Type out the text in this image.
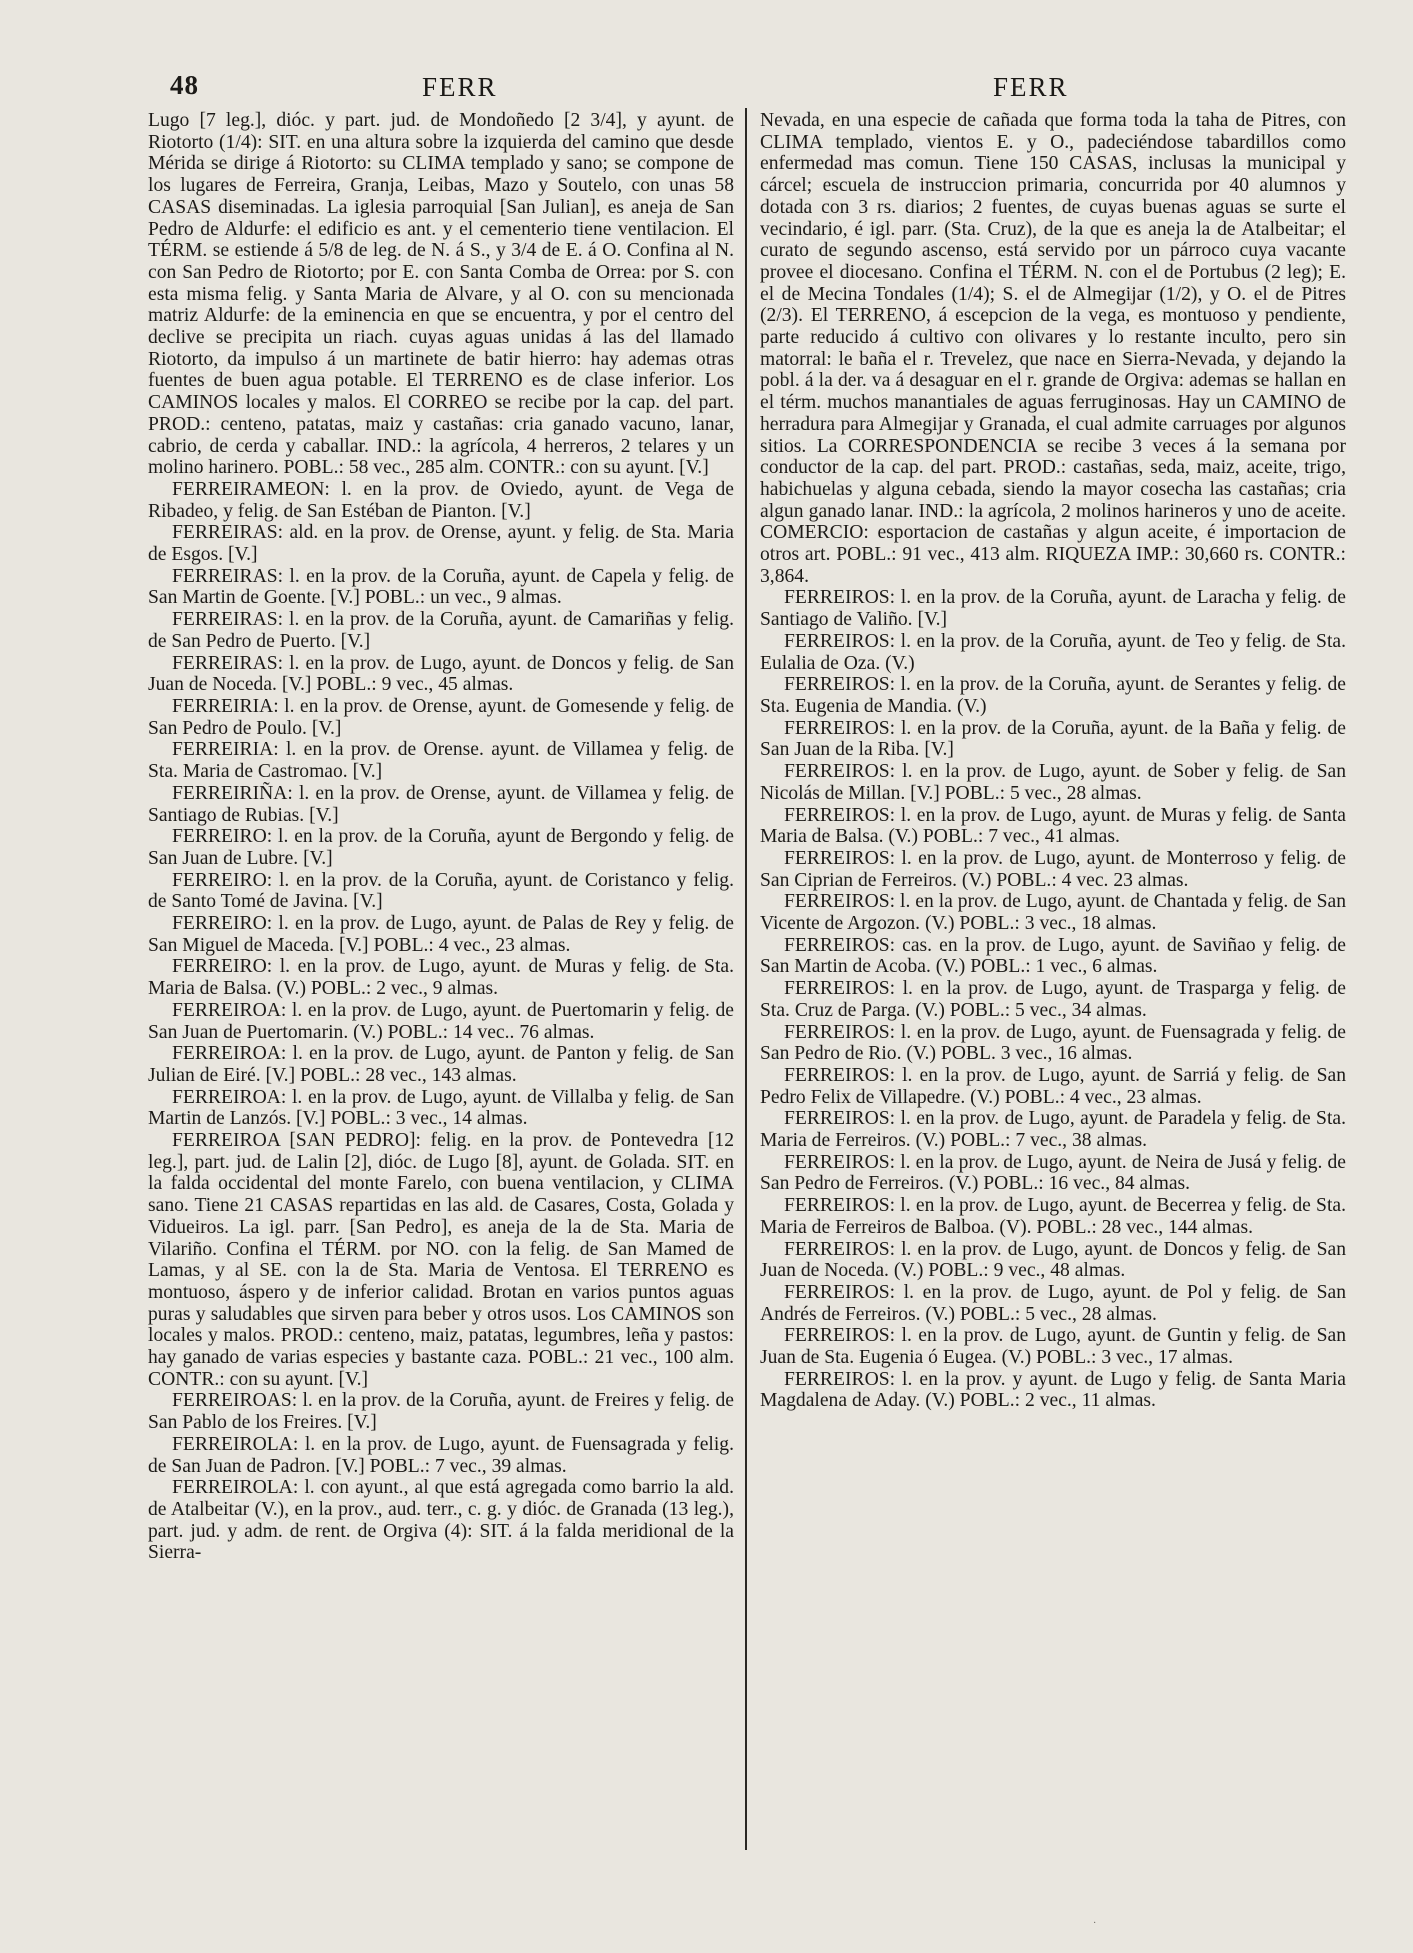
48	FERR	FERR

Lugo [7 leg.], dióc. y part. jud. de Mondoñedo [2 3/4], y ayunt. de Riotorto (1/4): SIT. en una altura sobre la izquierda del camino que desde Mérida se dirige á Riotorto: su CLIMA templado y sano; se compone de los lugares de Ferreira, Granja, Leibas, Mazo y Soutelo, con unas 58 CASAS diseminadas. La iglesia parroquial [San Julian], es aneja de San Pedro de Aldurfe: el edificio es ant. y el cementerio tiene ventilacion. El TÉRM. se estiende á 5/8 de leg. de N. á S., y 3/4 de E. á O. Confina al N. con San Pedro de Riotorto; por E. con Santa Comba de Orrea: por S. con esta misma felig. y Santa Maria de Alvare, y al O. con su mencionada matriz Aldurfe: de la eminencia en que se encuentra, y por el centro del declive se precipita un riach. cuyas aguas unidas á las del llamado Riotorto, da impulso á un martinete de batir hierro: hay ademas otras fuentes de buen agua potable. El TERRENO es de clase inferior. Los CAMINOS locales y malos. El CORREO se recibe por la cap. del part. PROD.: centeno, patatas, maiz y castañas: cria ganado vacuno, lanar, cabrio, de cerda y caballar. IND.: la agrícola, 4 herreros, 2 telares y un molino harinero. POBL.: 58 vec., 285 alm. CONTR.: con su ayunt. [V.]

FERREIRAMEON: l. en la prov. de Oviedo, ayunt. de Vega de Ribadeo, y felig. de San Estéban de Pianton. [V.]

FERREIRAS: ald. en la prov. de Orense, ayunt. y felig. de Sta. Maria de Esgos. [V.]

FERREIRAS: l. en la prov. de la Coruña, ayunt. de Capela y felig. de San Martin de Goente. [V.] POBL.: un vec., 9 almas.

FERREIRAS: l. en la prov. de la Coruña, ayunt. de Camariñas y felig. de San Pedro de Puerto. [V.]

FERREIRAS: l. en la prov. de Lugo, ayunt. de Doncos y felig. de San Juan de Noceda. [V.] POBL.: 9 vec., 45 almas.

FERREIRIA: l. en la prov. de Orense, ayunt. de Gomesende y felig. de San Pedro de Poulo. [V.]

FERREIRIA: l. en la prov. de Orense. ayunt. de Villamea y felig. de Sta. Maria de Castromao. [V.]

FERREIRIÑA: l. en la prov. de Orense, ayunt. de Villamea y felig. de Santiago de Rubias. [V.]

FERREIRO: l. en la prov. de la Coruña, ayunt de Bergondo y felig. de San Juan de Lubre. [V.]

FERREIRO: l. en la prov. de la Coruña, ayunt. de Coristanco y felig. de Santo Tomé de Javina. [V.]

FERREIRO: l. en la prov. de Lugo, ayunt. de Palas de Rey y felig. de San Miguel de Maceda. [V.] POBL.: 4 vec., 23 almas.

FERREIRO: l. en la prov. de Lugo, ayunt. de Muras y felig. de Sta. Maria de Balsa. (V.) POBL.: 2 vec., 9 almas.

FERREIROA: l. en la prov. de Lugo, ayunt. de Puertomarin y felig. de San Juan de Puertomarin. (V.) POBL.: 14 vec.. 76 almas.

FERREIROA: l. en la prov. de Lugo, ayunt. de Panton y felig. de San Julian de Eiré. [V.] POBL.: 28 vec., 143 almas.

FERREIROA: l. en la prov. de Lugo, ayunt. de Villalba y felig. de San Martin de Lanzós. [V.] POBL.: 3 vec., 14 almas.

FERREIROA [SAN PEDRO]: felig. en la prov. de Pontevedra [12 leg.], part. jud. de Lalin [2], dióc. de Lugo [8], ayunt. de Golada. SIT. en la falda occidental del monte Farelo, con buena ventilacion, y CLIMA sano. Tiene 21 CASAS repartidas en las ald. de Casares, Costa, Golada y Vidueiros. La igl. parr. [San Pedro], es aneja de la de Sta. Maria de Vilariño. Confina el TÉRM. por NO. con la felig. de San Mamed de Lamas, y al SE. con la de Sta. Maria de Ventosa. El TERRENO es montuoso, áspero y de inferior calidad. Brotan en varios puntos aguas puras y saludables que sirven para beber y otros usos. Los CAMINOS son locales y malos. PROD.: centeno, maiz, patatas, legumbres, leña y pastos: hay ganado de varias especies y bastante caza. POBL.: 21 vec., 100 alm. CONTR.: con su ayunt. [V.]

FERREIROAS: l. en la prov. de la Coruña, ayunt. de Freires y felig. de San Pablo de los Freires. [V.]

FERREIROLA: l. en la prov. de Lugo, ayunt. de Fuensagrada y felig. de San Juan de Padron. [V.] POBL.: 7 vec., 39 almas.

FERREIROLA: l. con ayunt., al que está agregada como barrio la ald. de Atalbeitar (V.), en la prov., aud. terr., c. g. y dióc. de Granada (13 leg.), part. jud. y adm. de rent. de Orgiva (4): SIT. á la falda meridional de la Sierra-

Nevada, en una especie de cañada que forma toda la taha de Pitres, con CLIMA templado, vientos E. y O., padeciéndose tabardillos como enfermedad mas comun. Tiene 150 CASAS, inclusas la municipal y cárcel; escuela de instruccion primaria, concurrida por 40 alumnos y dotada con 3 rs. diarios; 2 fuentes, de cuyas buenas aguas se surte el vecindario, é igl. parr. (Sta. Cruz), de la que es aneja la de Atalbeitar; el curato de segundo ascenso, está servido por un párroco cuya vacante provee el diocesano. Confina el TÉRM. N. con el de Portubus (2 leg); E. el de Mecina Tondales (1/4); S. el de Almegijar (1/2), y O. el de Pitres (2/3). El TERRENO, á escepcion de la vega, es montuoso y pendiente, parte reducido á cultivo con olivares y lo restante inculto, pero sin matorral: le baña el r. Trevelez, que nace en Sierra-Nevada, y dejando la pobl. á la der. va á desaguar en el r. grande de Orgiva: ademas se hallan en el térm. muchos manantiales de aguas ferruginosas. Hay un CAMINO de herradura para Almegijar y Granada, el cual admite carruages por algunos sitios. La CORRESPONDENCIA se recibe 3 veces á la semana por conductor de la cap. del part. PROD.: castañas, seda, maiz, aceite, trigo, habichuelas y alguna cebada, siendo la mayor cosecha las castañas; cria algun ganado lanar. IND.: la agrícola, 2 molinos harineros y uno de aceite. COMERCIO: esportacion de castañas y algun aceite, é importacion de otros art. POBL.: 91 vec., 413 alm. RIQUEZA IMP.: 30,660 rs. CONTR.: 3,864.

FERREIROS: l. en la prov. de la Coruña, ayunt. de Laracha y felig. de Santiago de Valiño. [V.]

FERREIROS: l. en la prov. de la Coruña, ayunt. de Teo y felig. de Sta. Eulalia de Oza. (V.)

FERREIROS: l. en la prov. de la Coruña, ayunt. de Serantes y felig. de Sta. Eugenia de Mandia. (V.)

FERREIROS: l. en la prov. de la Coruña, ayunt. de la Baña y felig. de San Juan de la Riba. [V.]

FERREIROS: l. en la prov. de Lugo, ayunt. de Sober y felig. de San Nicolás de Millan. [V.] POBL.: 5 vec., 28 almas.

FERREIROS: l. en la prov. de Lugo, ayunt. de Muras y felig. de Santa Maria de Balsa. (V.) POBL.: 7 vec., 41 almas.

FERREIROS: l. en la prov. de Lugo, ayunt. de Monterroso y felig. de San Ciprian de Ferreiros. (V.) POBL.: 4 vec. 23 almas.

FERREIROS: l. en la prov. de Lugo, ayunt. de Chantada y felig. de San Vicente de Argozon. (V.) POBL.: 3 vec., 18 almas.

FERREIROS: cas. en la prov. de Lugo, ayunt. de Saviñao y felig. de San Martin de Acoba. (V.) POBL.: 1 vec., 6 almas.

FERREIROS: l. en la prov. de Lugo, ayunt. de Trasparga y felig. de Sta. Cruz de Parga. (V.) POBL.: 5 vec., 34 almas.

FERREIROS: l. en la prov. de Lugo, ayunt. de Fuensagrada y felig. de San Pedro de Rio. (V.) POBL. 3 vec., 16 almas.

FERREIROS: l. en la prov. de Lugo, ayunt. de Sarriá y felig. de San Pedro Felix de Villapedre. (V.) POBL.: 4 vec., 23 almas.

FERREIROS: l. en la prov. de Lugo, ayunt. de Paradela y felig. de Sta. Maria de Ferreiros. (V.) POBL.: 7 vec., 38 almas.

FERREIROS: l. en la prov. de Lugo, ayunt. de Neira de Jusá y felig. de San Pedro de Ferreiros. (V.) POBL.: 16 vec., 84 almas.

FERREIROS: l. en la prov. de Lugo, ayunt. de Becerrea y felig. de Sta. Maria de Ferreiros de Balboa. (V). POBL.: 28 vec., 144 almas.

FERREIROS: l. en la prov. de Lugo, ayunt. de Doncos y felig. de San Juan de Noceda. (V.) POBL.: 9 vec., 48 almas.

FERREIROS: l. en la prov. de Lugo, ayunt. de Pol y felig. de San Andrés de Ferreiros. (V.) POBL.: 5 vec., 28 almas.

FERREIROS: l. en la prov. de Lugo, ayunt. de Guntin y felig. de San Juan de Sta. Eugenia ó Eugea. (V.) POBL.: 3 vec., 17 almas.

FERREIROS: l. en la prov. y ayunt. de Lugo y felig. de Santa Maria Magdalena de Aday. (V.) POBL.: 2 vec., 11 almas.

·
